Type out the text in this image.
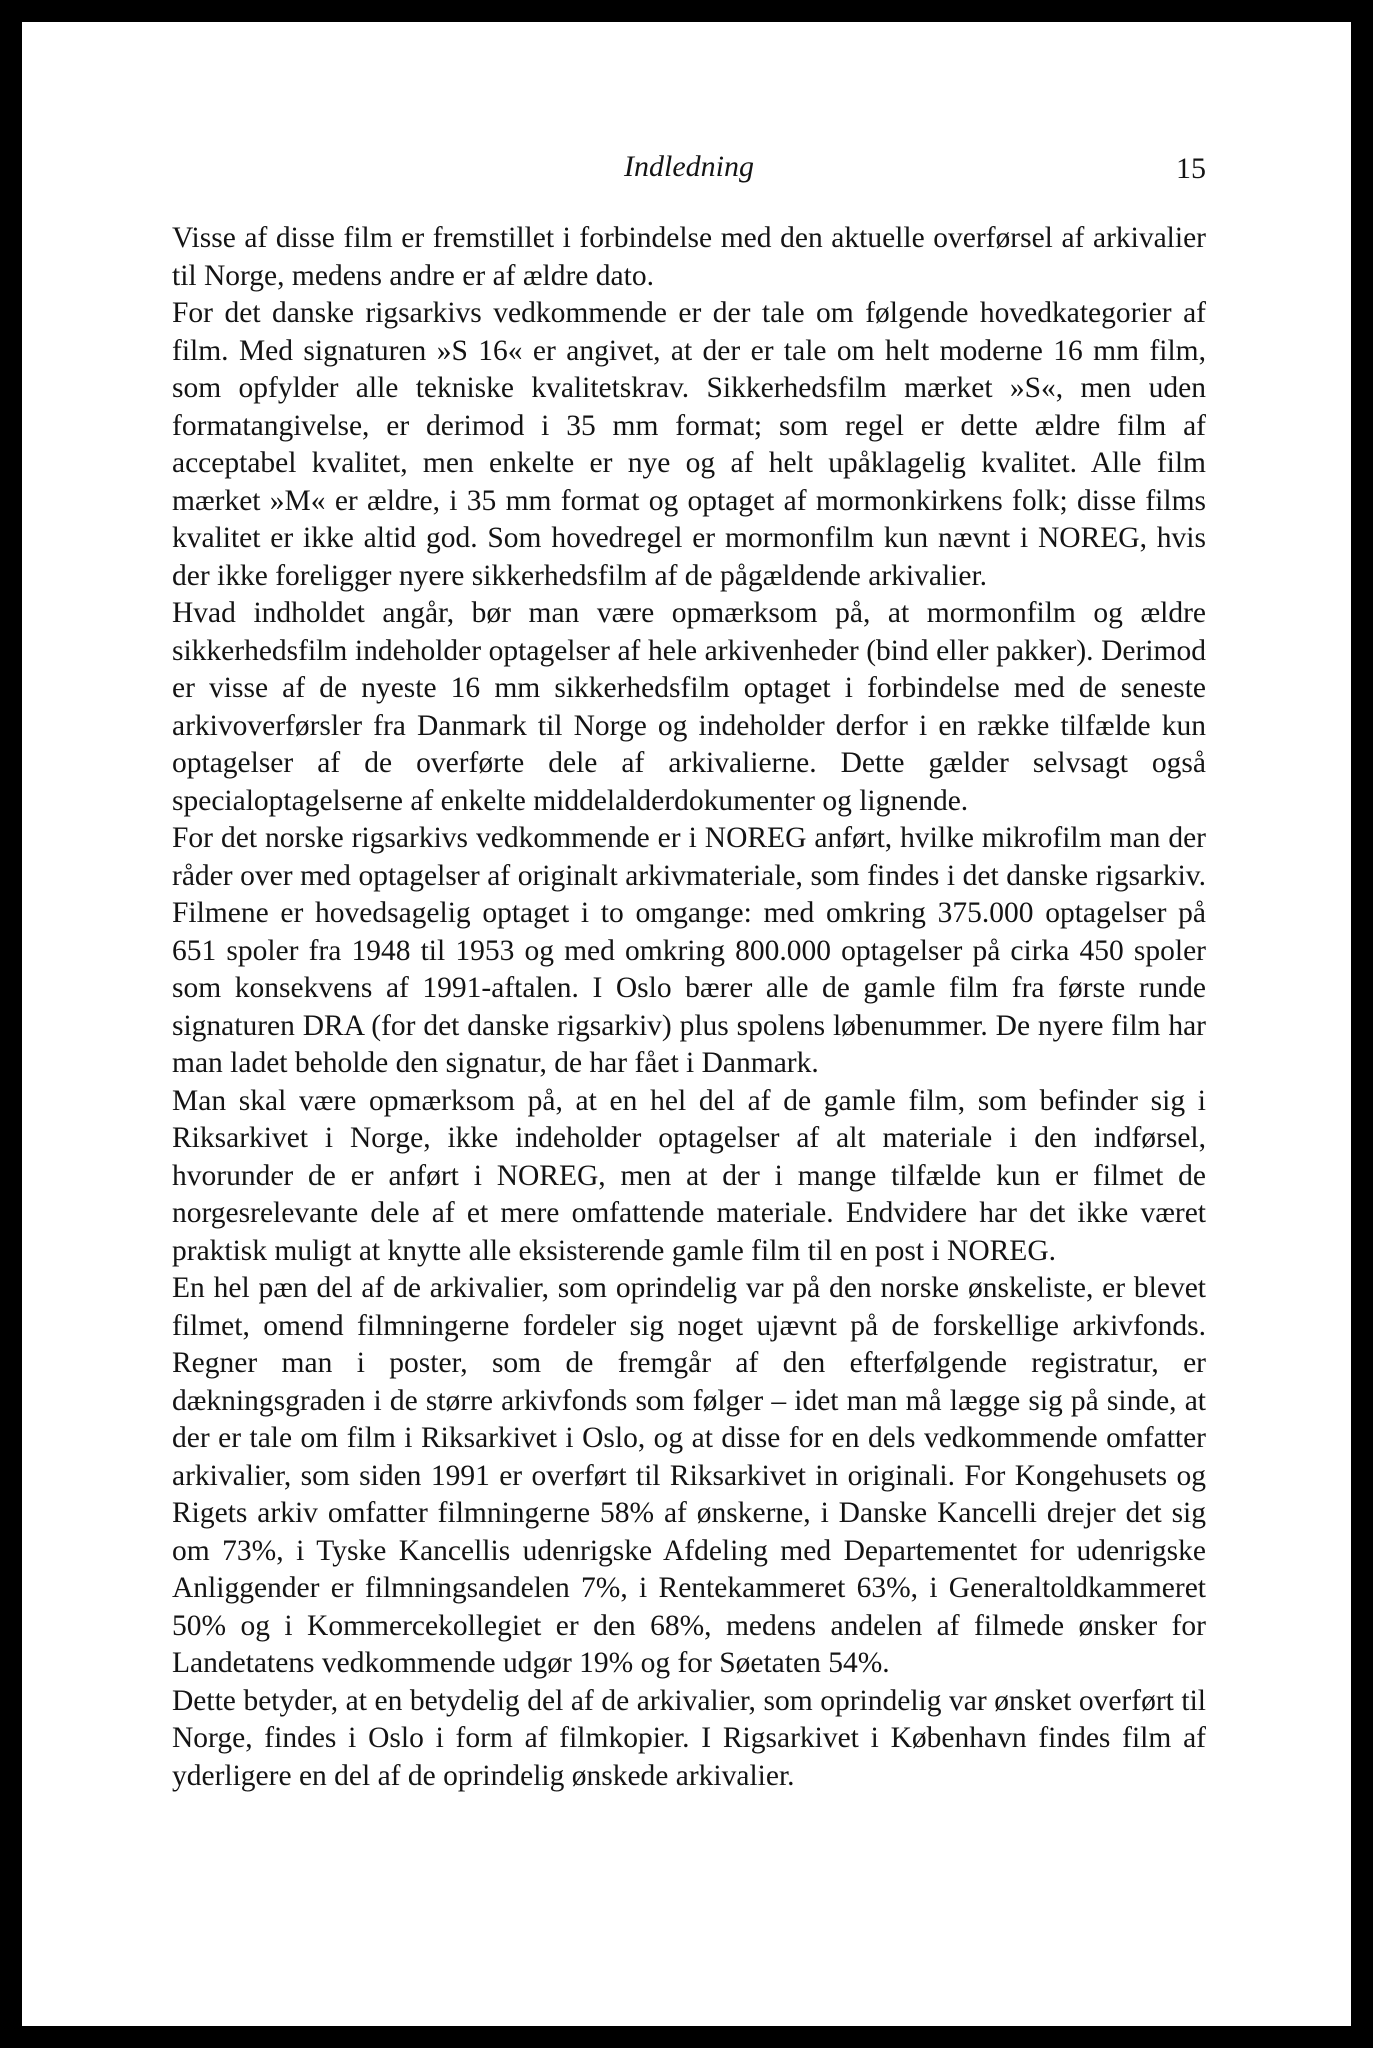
Indledning	15

Visse af disse film er fremstillet i forbindelse med den aktuelle overførsel af arkivalier til Norge, medens andre er af ældre dato.

For det danske rigsarkivs vedkommende er der tale om følgende hovedkategorier af film. Med signaturen »S 16« er angivet, at der er tale om helt moderne 16 mm film, som opfylder alle tekniske kvalitetskrav. Sikkerhedsfilm mærket »S«, men uden formatangivelse, er derimod i 35 mm format; som regel er dette ældre film af acceptabel kvalitet, men enkelte er nye og af helt upåklagelig kvalitet. Alle film mærket »M« er ældre, i 35 mm format og optaget af mormonkirkens folk; disse films kvalitet er ikke altid god. Som hovedregel er mormonfilm kun nævnt i NOREG, hvis der ikke foreligger nyere sikkerhedsfilm af de pågældende arkivalier.

Hvad indholdet angår, bør man være opmærksom på, at mormonfilm og ældre sikkerhedsfilm indeholder optagelser af hele arkivenheder (bind eller pakker). Derimod er visse af de nyeste 16 mm sikkerhedsfilm optaget i forbindelse med de seneste arkivoverførsler fra Danmark til Norge og indeholder derfor i en række tilfælde kun optagelser af de overførte dele af arkivalierne. Dette gælder selvsagt også specialoptagelserne af enkelte middelalderdokumenter og lignende.

For det norske rigsarkivs vedkommende er i NOREG anført, hvilke mikrofilm man der råder over med optagelser af originalt arkivmateriale, som findes i det danske rigsarkiv. Filmene er hovedsagelig optaget i to omgange: med omkring 375.000 optagelser på 651 spoler fra 1948 til 1953 og med omkring 800.000 optagelser på cirka 450 spoler som konsekvens af 1991-aftalen. I Oslo bærer alle de gamle film fra første runde signaturen DRA (for det danske rigsarkiv) plus spolens løbenummer. De nyere film har man ladet beholde den signatur, de har fået i Danmark.

Man skal være opmærksom på, at en hel del af de gamle film, som befinder sig i Riksarkivet i Norge, ikke indeholder optagelser af alt materiale i den indførsel, hvorunder de er anført i NOREG, men at der i mange tilfælde kun er filmet de norgesrelevante dele af et mere omfattende materiale. Endvidere har det ikke været praktisk muligt at knytte alle eksisterende gamle film til en post i NOREG.

En hel pæn del af de arkivalier, som oprindelig var på den norske ønskeliste, er blevet filmet, omend filmningerne fordeler sig noget ujævnt på de forskellige arkivfonds. Regner man i poster, som de fremgår af den efterfølgende registratur, er dækningsgraden i de større arkivfonds som følger – idet man må lægge sig på sinde, at der er tale om film i Riksarkivet i Oslo, og at disse for en dels vedkommende omfatter arkivalier, som siden 1991 er overført til Riksarkivet in originali. For Kongehusets og Rigets arkiv omfatter filmningerne 58% af ønskerne, i Danske Kancelli drejer det sig om 73%, i Tyske Kancellis udenrigske Afdeling med Departementet for udenrigske Anliggender er filmningsandelen 7%, i Rentekammeret 63%, i Generaltoldkammeret 50% og i Kommercekollegiet er den 68%, medens andelen af filmede ønsker for Landetatens vedkommende udgør 19% og for Søetaten 54%.

Dette betyder, at en betydelig del af de arkivalier, som oprindelig var ønsket overført til Norge, findes i Oslo i form af filmkopier. I Rigsarkivet i København findes film af yderligere en del af de oprindelig ønskede arkivalier.
